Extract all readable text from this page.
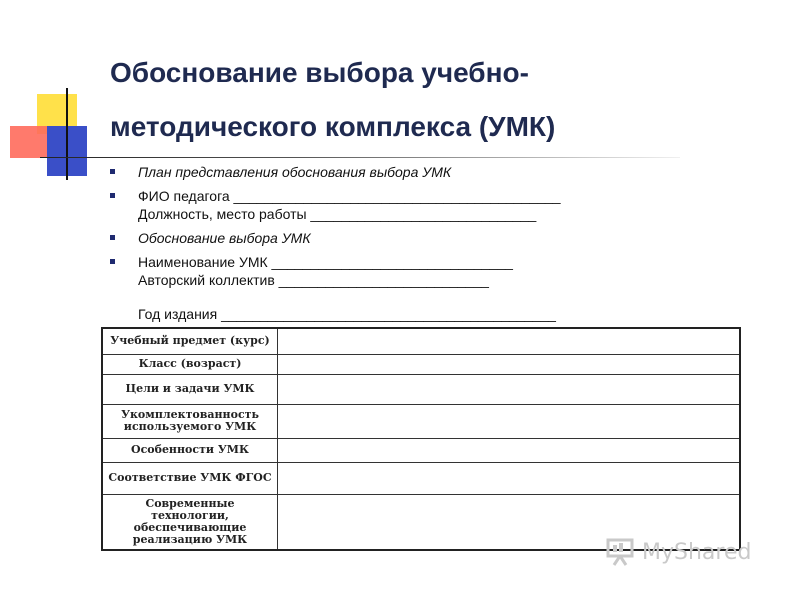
Обоснование выбора учебно-
методического комплекса (УМК)
План представления обоснования выбора УМК
ФИО педагога __________________________________________
Должность, место работы _____________________________
Обоснование выбора УМК
Наименование УМК _______________________________
Авторский коллектив ___________________________
Год издания ___________________________________________
Учебный предмет (курс)	
Класс (возраст)	
Цели и задачи УМК	
Укомплектованность используемого УМК	
Особенности УМК	
Соответствие УМК ФГОС	
Современные технологии, обеспечивающие реализацию УМК	
MyShared
